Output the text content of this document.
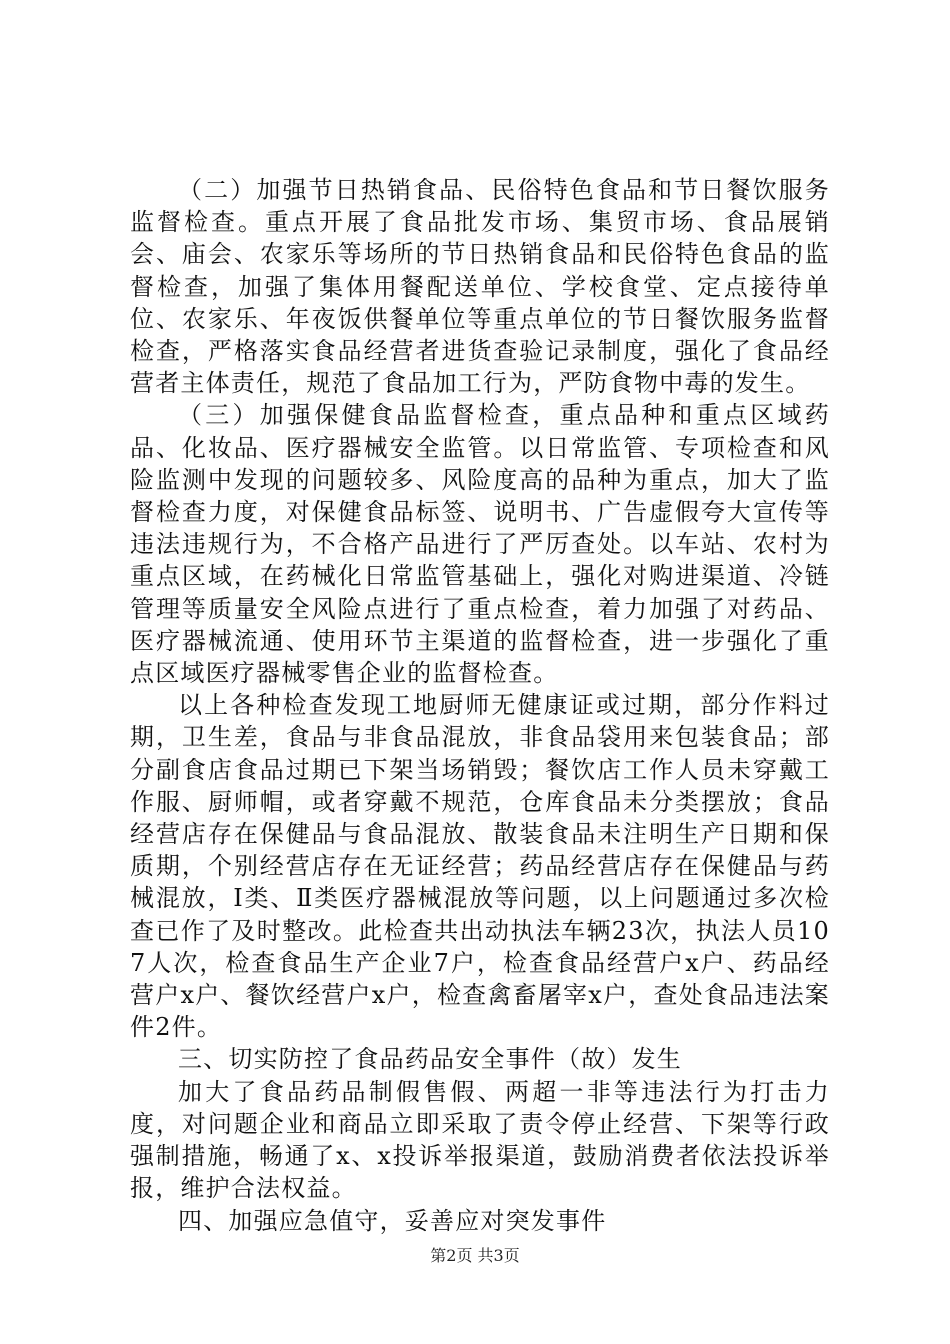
（二）加强节日热销食品、民俗特色食品和节日餐饮服务监督检查。重点开展了食品批发市场、集贸市场、食品展销会、庙会、农家乐等场所的节日热销食品和民俗特色食品的监督检查，加强了集体用餐配送单位、学校食堂、定点接待单位、农家乐、年夜饭供餐单位等重点单位的节日餐饮服务监督检查，严格落实食品经营者进货查验记录制度，强化了食品经营者主体责任，规范了食品加工行为，严防食物中毒的发生。

（三）加强保健食品监督检查，重点品种和重点区域药品、化妆品、医疗器械安全监管。以日常监管、专项检查和风险监测中发现的问题较多、风险度高的品种为重点，加大了监督检查力度，对保健食品标签、说明书、广告虚假夸大宣传等违法违规行为，不合格产品进行了严厉查处。以车站、农村为重点区域，在药械化日常监管基础上，强化对购进渠道、冷链管理等质量安全风险点进行了重点检查，着力加强了对药品、医疗器械流通、使用环节主渠道的监督检查，进一步强化了重点区域医疗器械零售企业的监督检查。

以上各种检查发现工地厨师无健康证或过期，部分作料过期，卫生差，食品与非食品混放，非食品袋用来包装食品；部分副食店食品过期已下架当场销毁；餐饮店工作人员未穿戴工作服、厨师帽，或者穿戴不规范，仓库食品未分类摆放；食品经营店存在保健品与食品混放、散装食品未注明生产日期和保质期，个别经营店存在无证经营；药品经营店存在保健品与药械混放，Ⅰ类、Ⅱ类医疗器械混放等问题，以上问题通过多次检查已作了及时整改。此检查共出动执法车辆23次，执法人员107人次，检查食品生产企业7户，检查食品经营户x户、药品经营户x户、餐饮经营户x户，检查禽畜屠宰x户，查处食品违法案件2件。

三、切实防控了食品药品安全事件（故）发生

加大了食品药品制假售假、两超一非等违法行为打击力度，对问题企业和商品立即采取了责令停止经营、下架等行政强制措施，畅通了x、x投诉举报渠道，鼓励消费者依法投诉举报，维护合法权益。

四、加强应急值守，妥善应对突发事件

第2页 共3页
